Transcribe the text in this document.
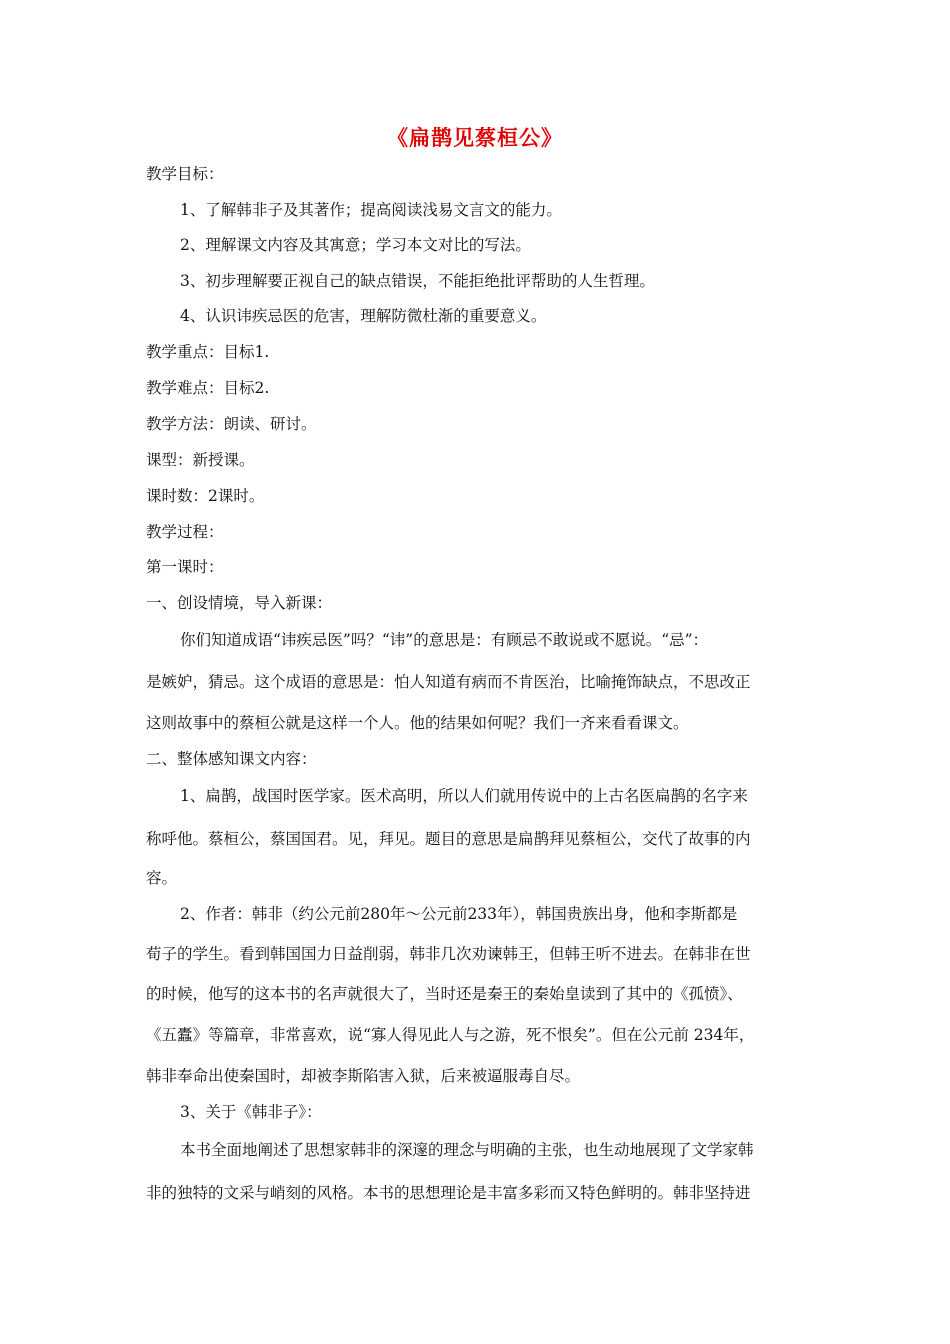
《扁鹊见蔡桓公》
教学目标：
1、了解韩非子及其著作；提高阅读浅易文言文的能力。
2、理解课文内容及其寓意；学习本文对比的写法。
3、初步理解要正视自己的缺点错误，不能拒绝批评帮助的人生哲理。
4、认识讳疾忌医的危害，理解防微杜渐的重要意义。
教学重点：目标1.
教学难点：目标2.
教学方法：朗读、研讨。
课型：新授课。
课时数：2课时。
教学过程：
第一课时：
一、创设情境，导入新课：
你们知道成语“讳疾忌医”吗？“讳”的意思是：有顾忌不敢说或不愿说。“忌”：
是嫉妒，猜忌。这个成语的意思是：怕人知道有病而不肯医治，比喻掩饰缺点，不思改正
这则故事中的蔡桓公就是这样一个人。他的结果如何呢？我们一齐来看看课文。
二、整体感知课文内容：
1、扁鹊，战国时医学家。医术高明，所以人们就用传说中的上古名医扁鹊的名字来
称呼他。蔡桓公，蔡国国君。见，拜见。题目的意思是扁鹊拜见蔡桓公，交代了故事的内
容。
2、作者：韩非（约公元前280年～公元前233年），韩国贵族出身，他和李斯都是
荀子的学生。看到韩国国力日益削弱，韩非几次劝谏韩王，但韩王听不进去。在韩非在世
的时候，他写的这本书的名声就很大了，当时还是秦王的秦始皇读到了其中的《孤愤》、
《五蠹》等篇章，非常喜欢，说“寡人得见此人与之游，死不恨矣”。但在公元前 234年，
韩非奉命出使秦国时，却被李斯陷害入狱，后来被逼服毒自尽。
3、关于《韩非子》：
本书全面地阐述了思想家韩非的深邃的理念与明确的主张，也生动地展现了文学家韩
非的独特的文采与峭刻的风格。本书的思想理论是丰富多彩而又特色鲜明的。韩非坚持进
